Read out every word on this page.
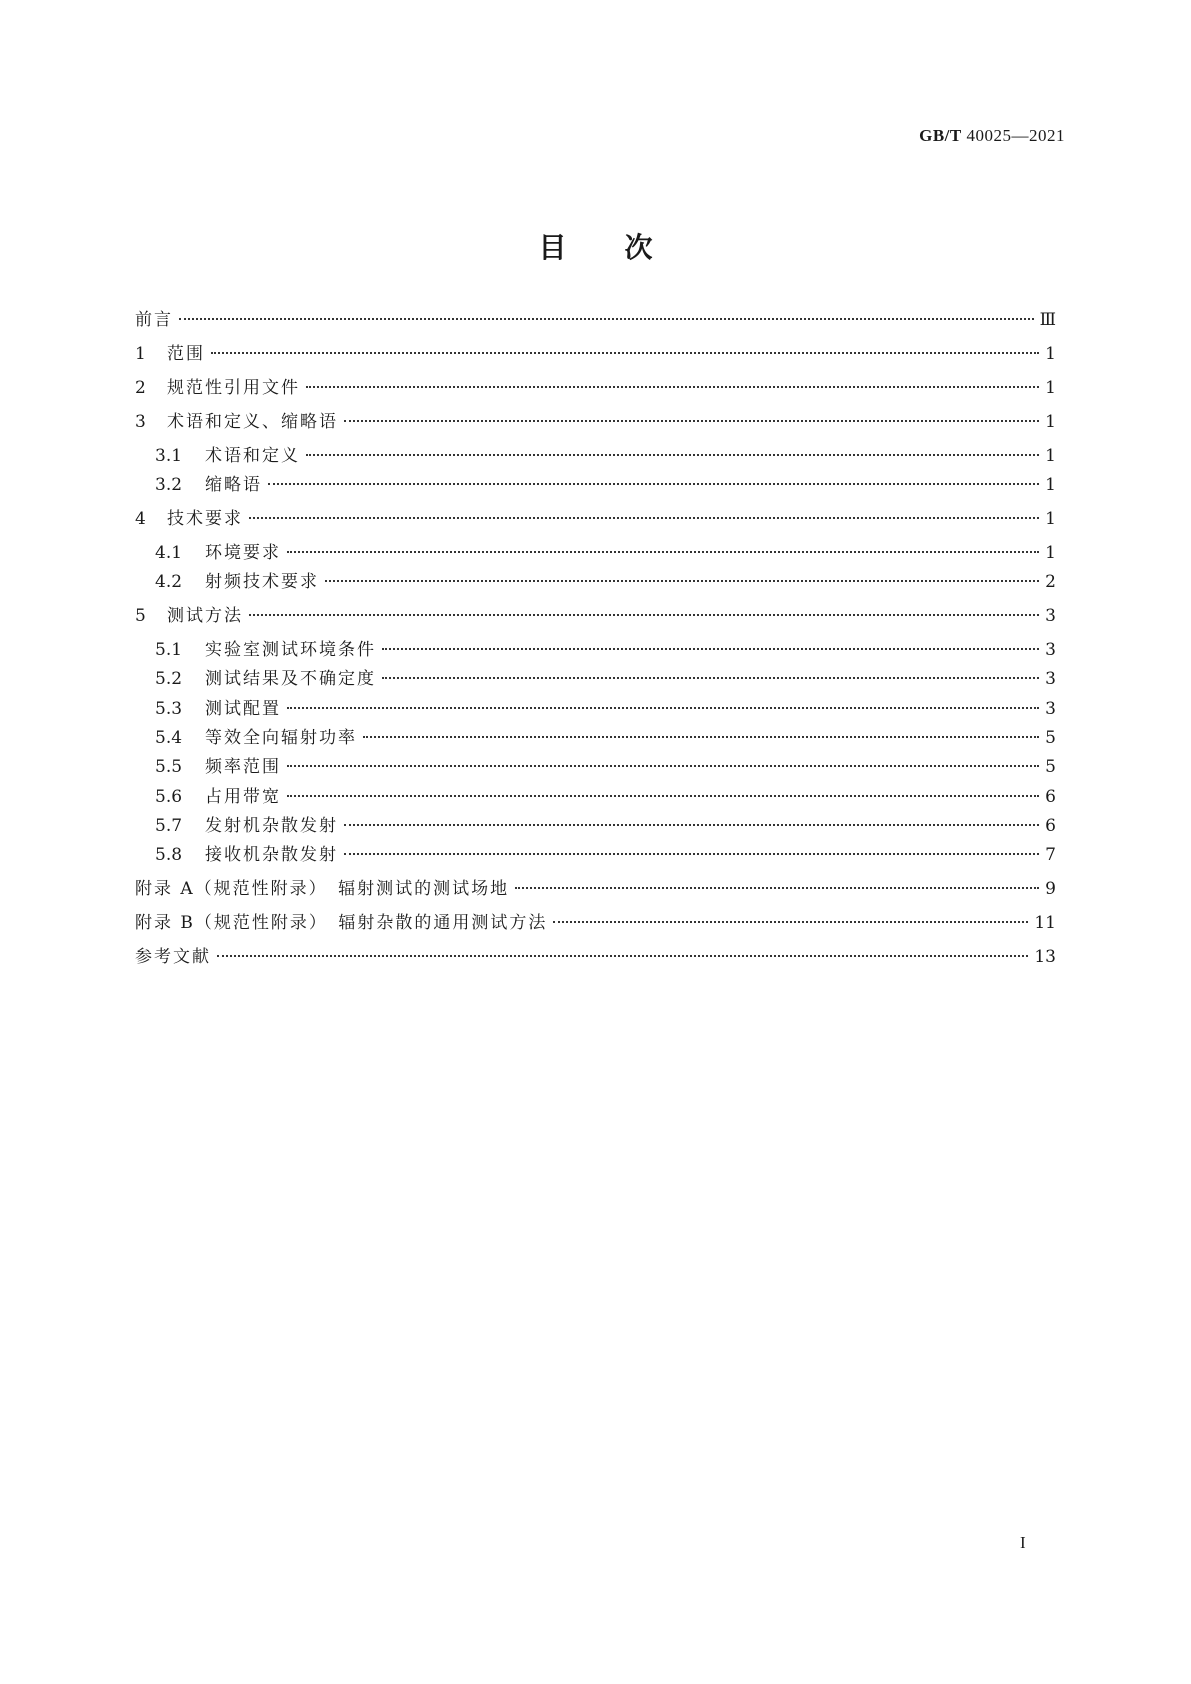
GB/T 40025—2021
目次
前言	Ⅲ
1 范围	1
2 规范性引用文件	1
3 术语和定义、缩略语	1
3.1 术语和定义	1
3.2 缩略语	1
4 技术要求	1
4.1 环境要求	1
4.2 射频技术要求	2
5 测试方法	3
5.1 实验室测试环境条件	3
5.2 测试结果及不确定度	3
5.3 测试配置	3
5.4 等效全向辐射功率	5
5.5 频率范围	5
5.6 占用带宽	6
5.7 发射机杂散发射	6
5.8 接收机杂散发射	7
附录 A（规范性附录）　辐射测试的测试场地	9
附录 B（规范性附录）　辐射杂散的通用测试方法	11
参考文献	13
I
